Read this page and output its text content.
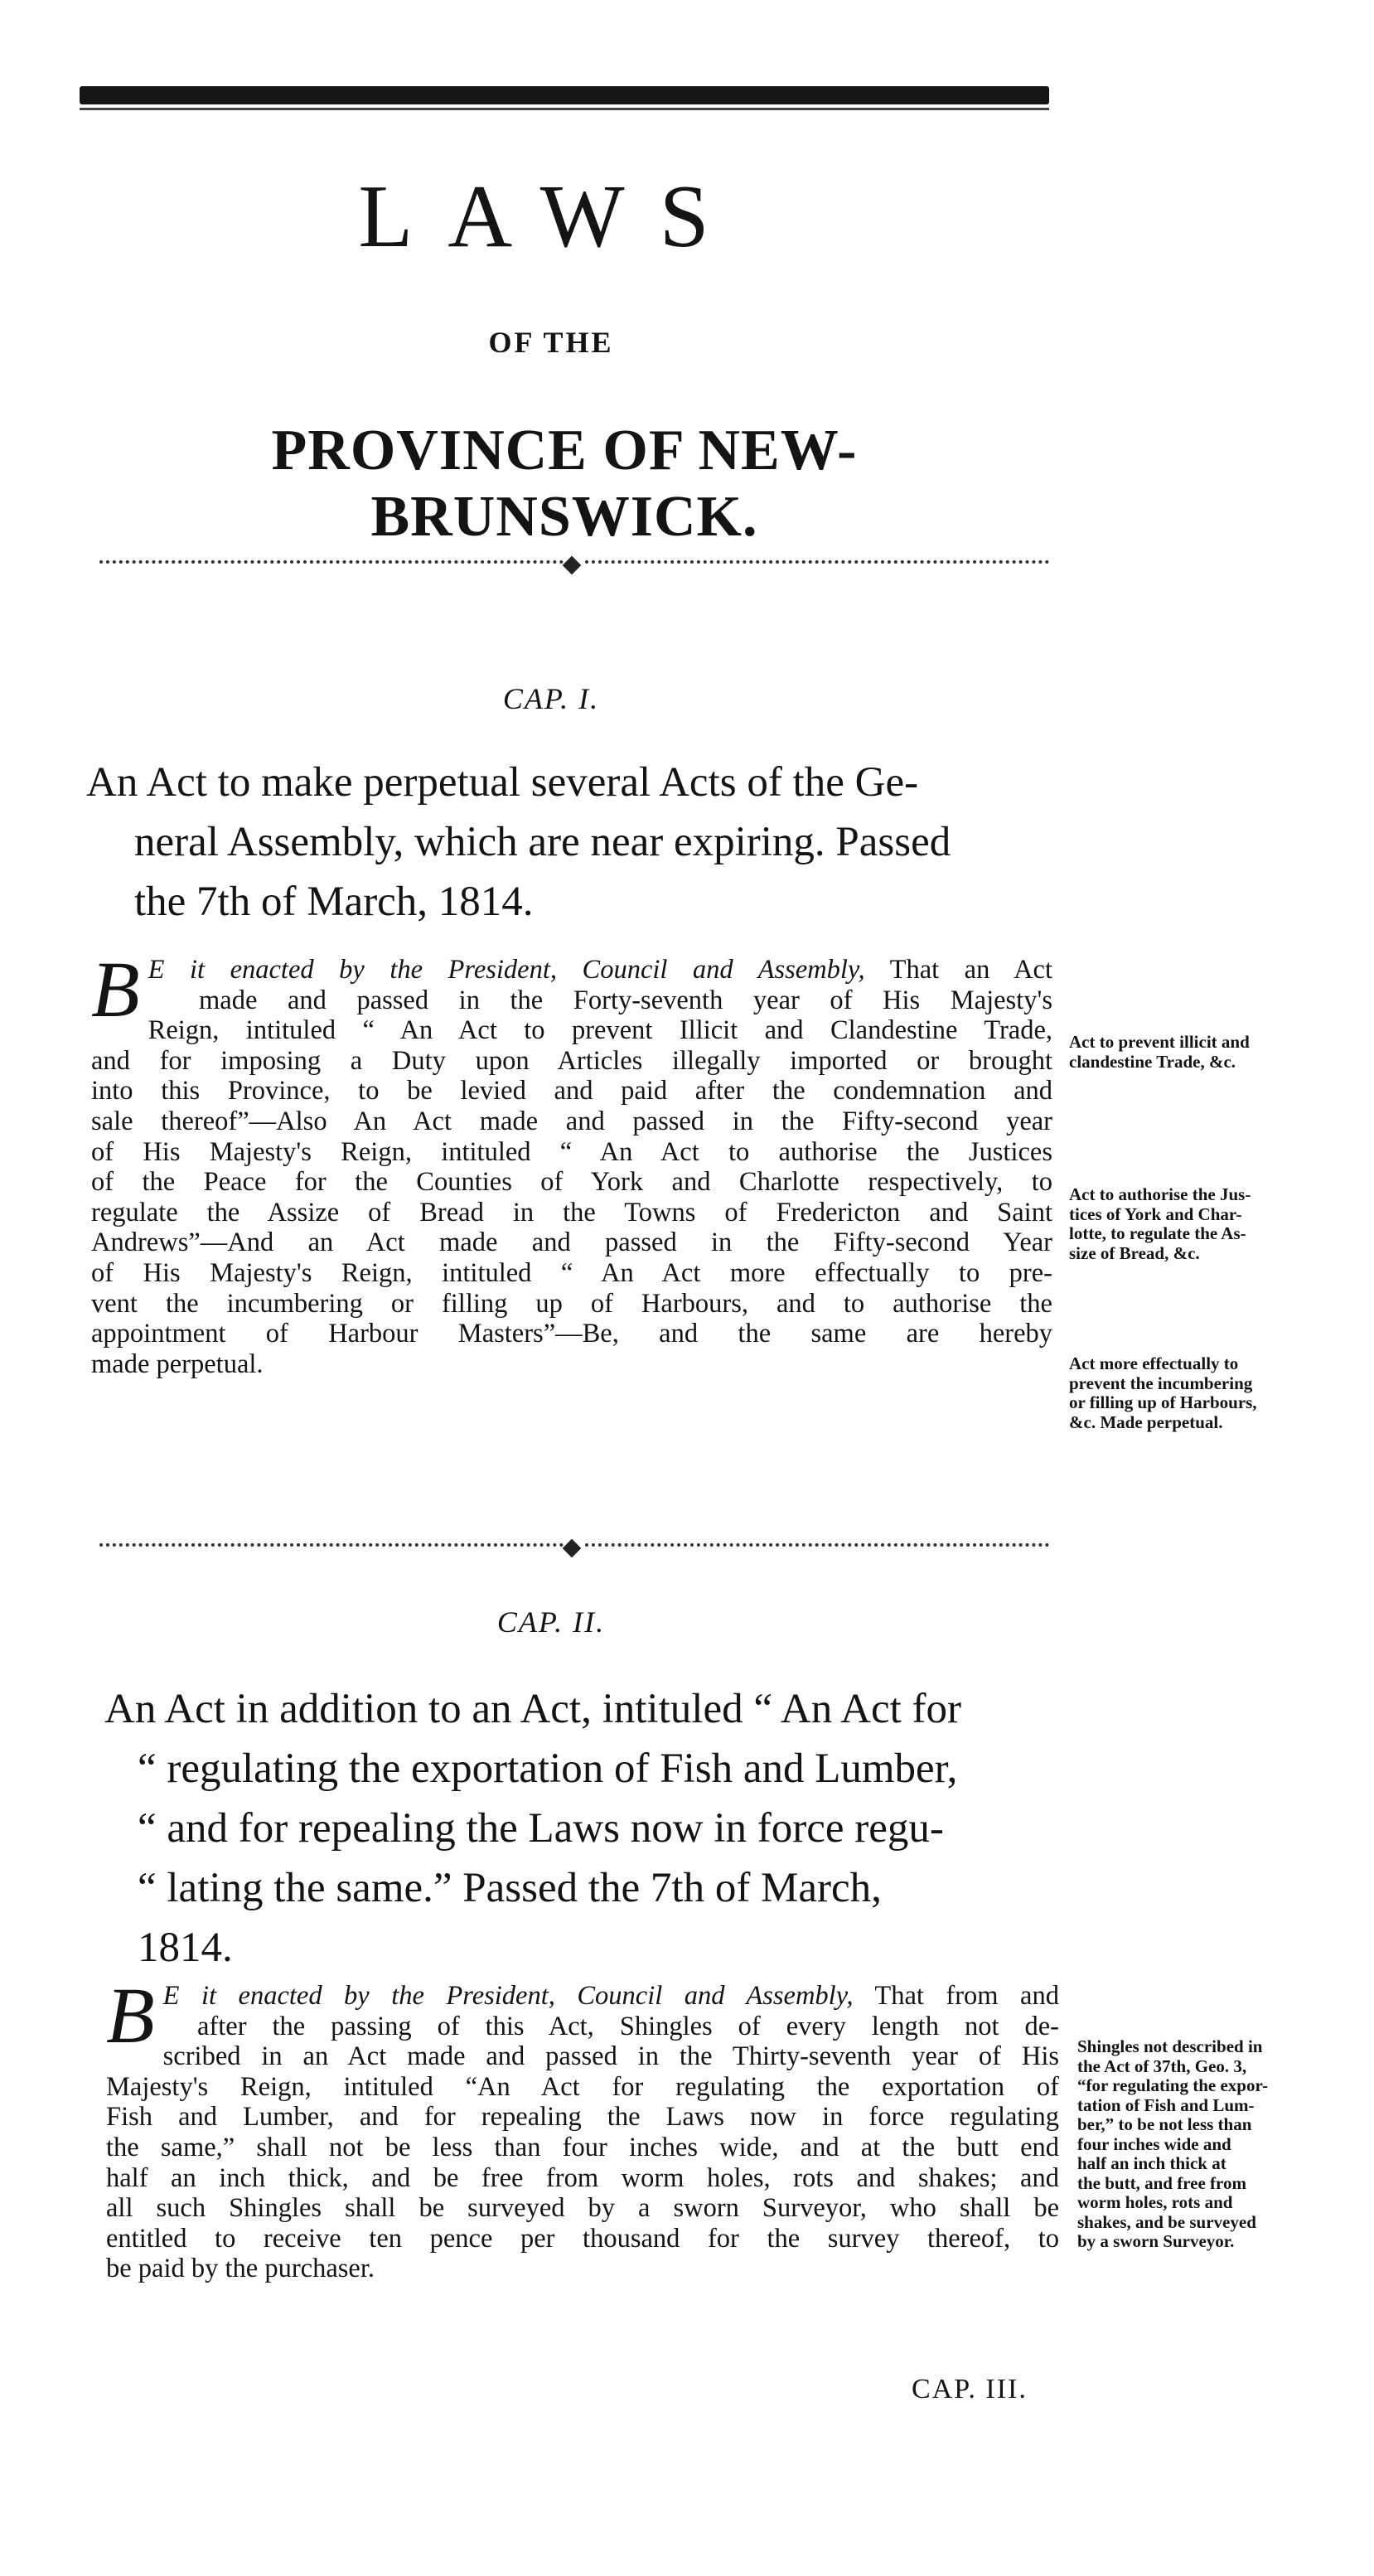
LAWS
OF THE
PROVINCE OF NEW-BRUNSWICK.
CAP. I.
An Act to make perpetual several Acts of the Ge-
neral Assembly, which are near expiring. Passed
the 7th of March, 1814.
B E it enacted by the President, Council and Assembly, That an Act
made and passed in the Forty-seventh year of His Majesty's
Reign, intituled “ An Act to prevent Illicit and Clandestine Trade,
and for imposing a Duty upon Articles illegally imported or brought
into this Province, to be levied and paid after the condemnation and
sale thereof”—Also An Act made and passed in the Fifty-second year
of His Majesty's Reign, intituled “ An Act to authorise the Justices
of the Peace for the Counties of York and Charlotte respectively, to
regulate the Assize of Bread in the Towns of Fredericton and Saint
Andrews”—And an Act made and passed in the Fifty-second Year
of His Majesty's Reign, intituled “ An Act more effectually to pre-
vent the incumbering or filling up of Harbours, and to authorise the
appointment of Harbour Masters”—Be, and the same are hereby
made perpetual.
Act to prevent illicit and
clandestine Trade, &c.
Act to authorise the Jus-
tices of York and Char-
lotte, to regulate the As-
size of Bread, &c.
Act more effectually to
prevent the incumbering
or filling up of Harbours,
&c. Made perpetual.
CAP. II.
An Act in addition to an Act, intituled “ An Act for
“ regulating the exportation of Fish and Lumber,
“ and for repealing the Laws now in force regu-
“ lating the same.” Passed the 7th of March,
1814.
B E it enacted by the President, Council and Assembly, That from and
after the passing of this Act, Shingles of every length not de-
scribed in an Act made and passed in the Thirty-seventh year of His
Majesty's Reign, intituled “An Act for regulating the exportation of
Fish and Lumber, and for repealing the Laws now in force regulating
the same,” shall not be less than four inches wide, and at the butt end
half an inch thick, and be free from worm holes, rots and shakes; and
all such Shingles shall be surveyed by a sworn Surveyor, who shall be
entitled to receive ten pence per thousand for the survey thereof, to
be paid by the purchaser.
Shingles not described in
the Act of 37th, Geo. 3,
“for regulating the expor-
tation of Fish and Lum-
ber,” to be not less than
four inches wide and
half an inch thick at
the butt, and free from
worm holes, rots and
shakes, and be surveyed
by a sworn Surveyor.
CAP. III.
